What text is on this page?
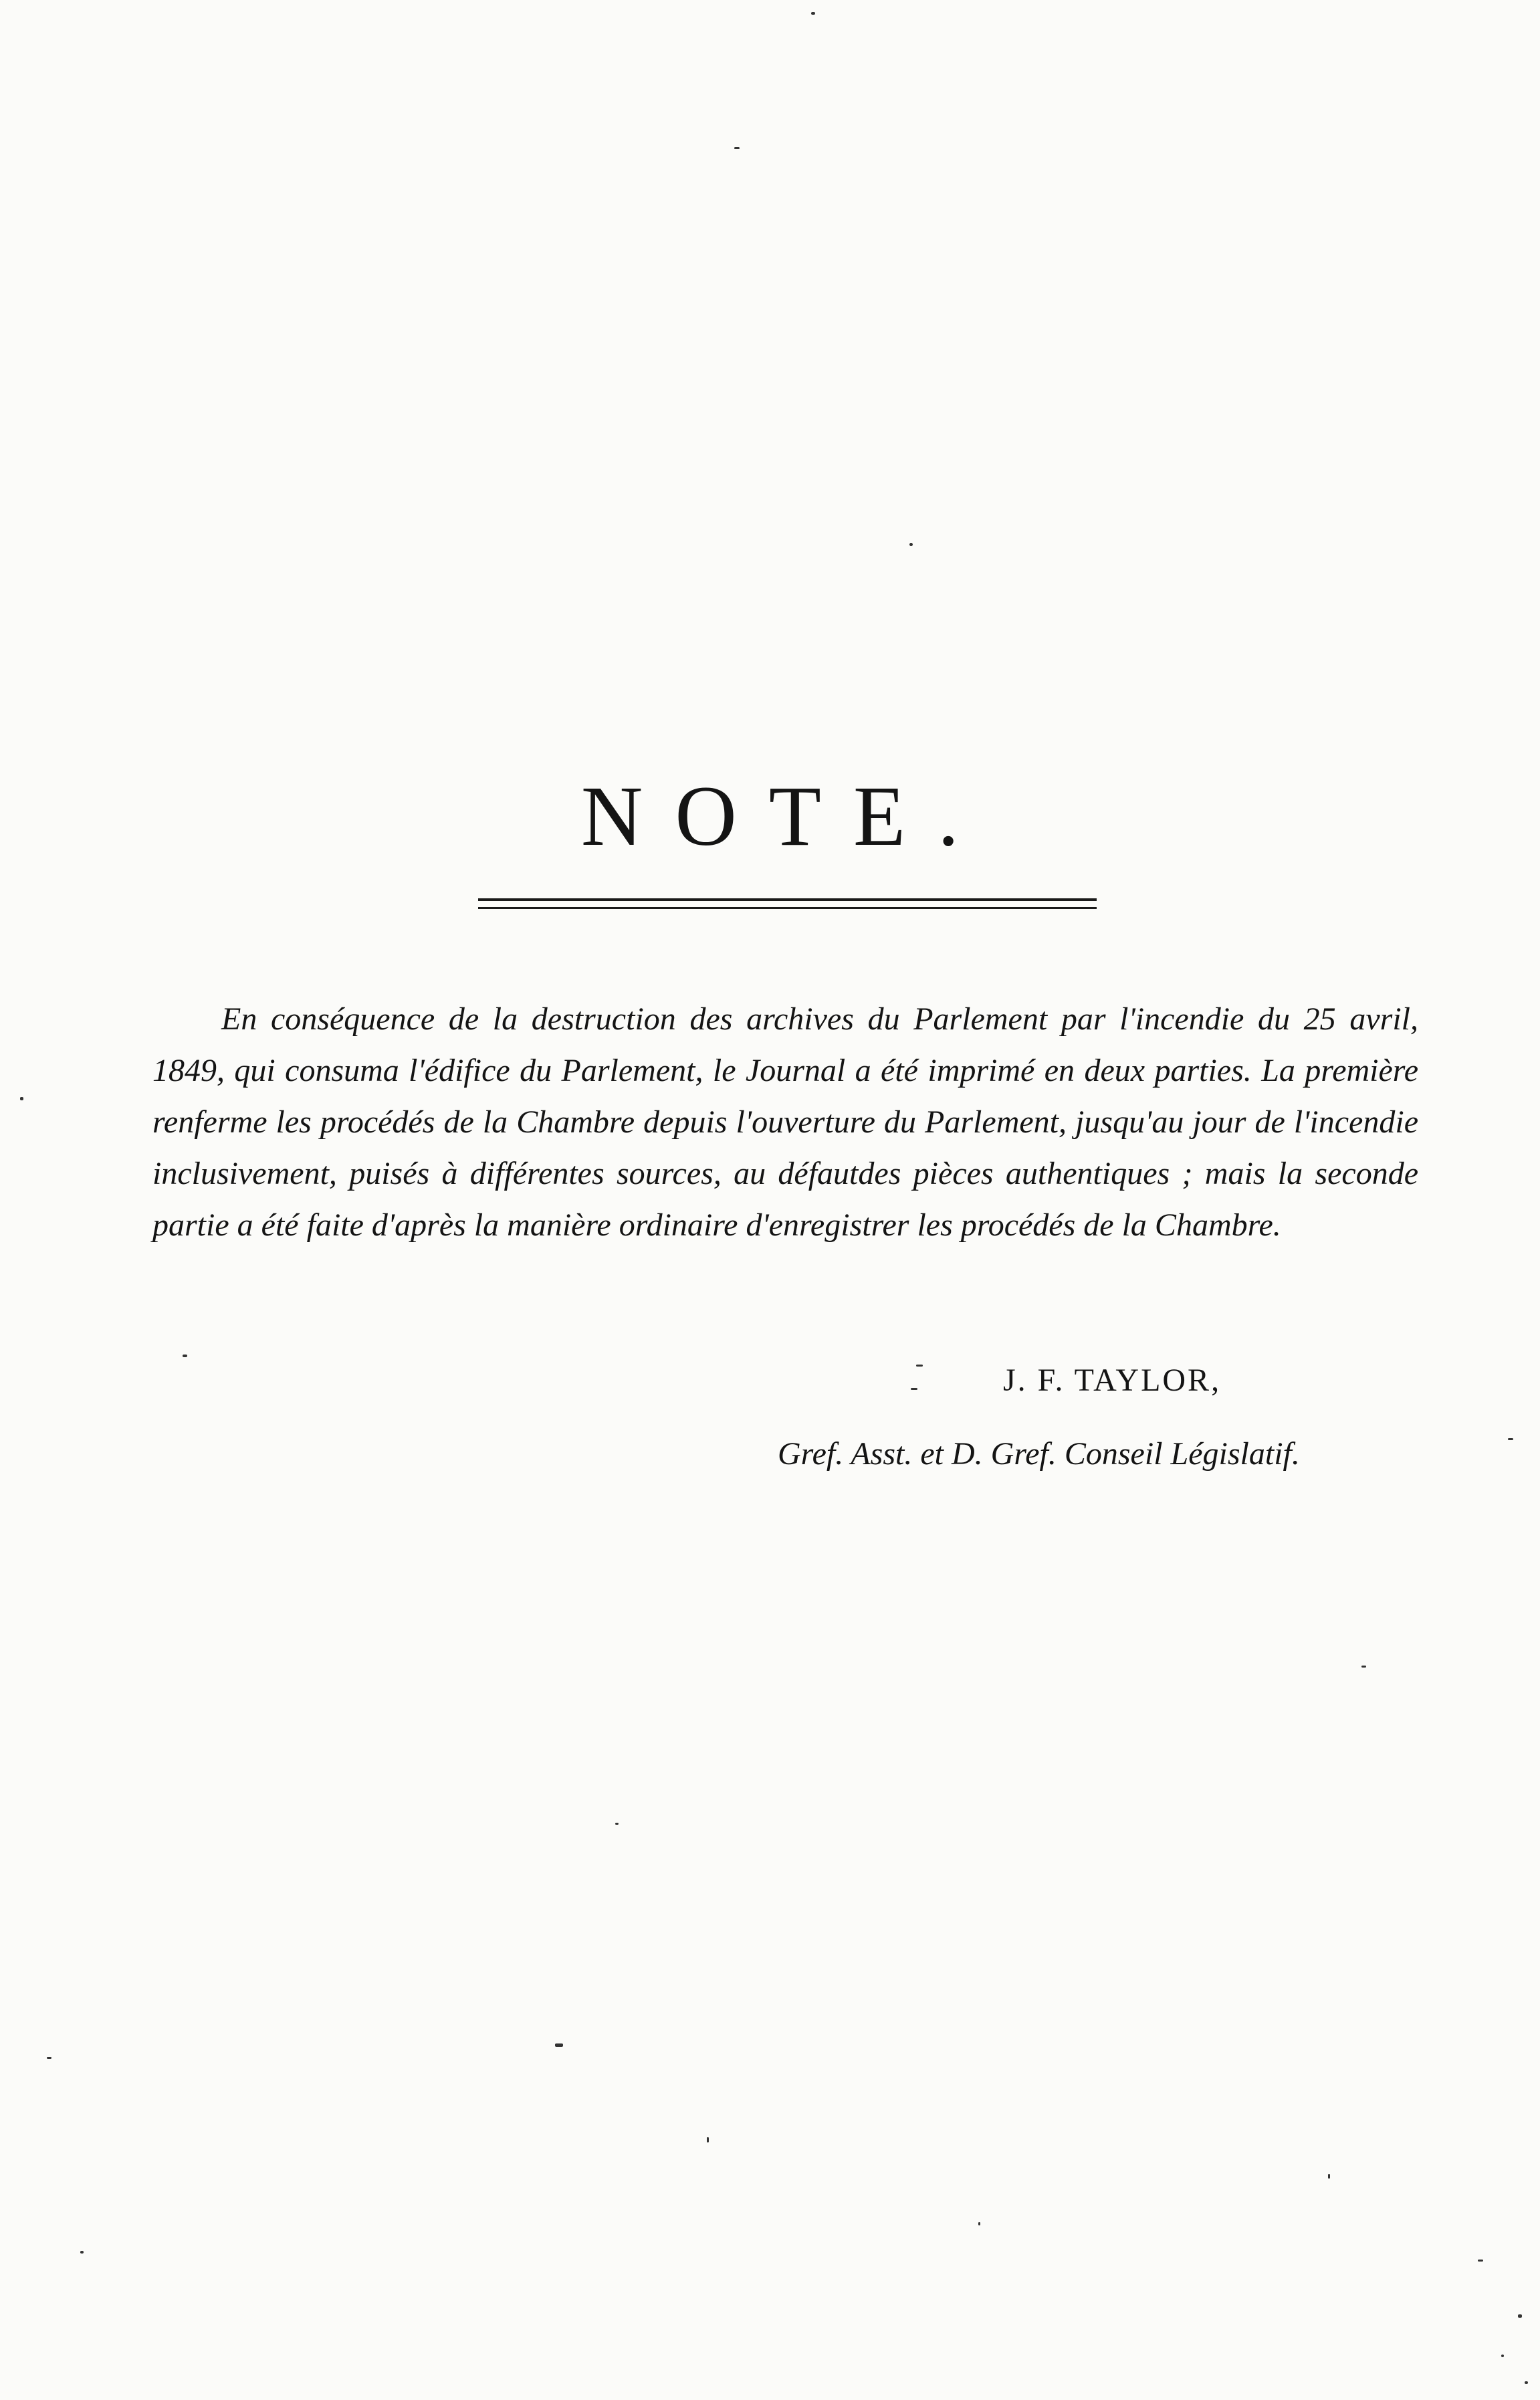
NOTE.

En conséquence de la destruction des archives du Parlement par l'incendie du 25 avril, 1849, qui consuma l'édifice du Parlement, le Journal a été imprimé en deux parties. La première renferme les procédés de la Chambre depuis l'ouverture du Parlement, jusqu'au jour de l'incendie inclusivement, puisés à différentes sources, au défautdes pièces authentiques ; mais la seconde partie a été faite d'après la manière ordinaire d'enregistrer les procédés de la Chambre.

J. F. TAYLOR,
Gref. Asst. et D. Gref. Conseil Législatif.
